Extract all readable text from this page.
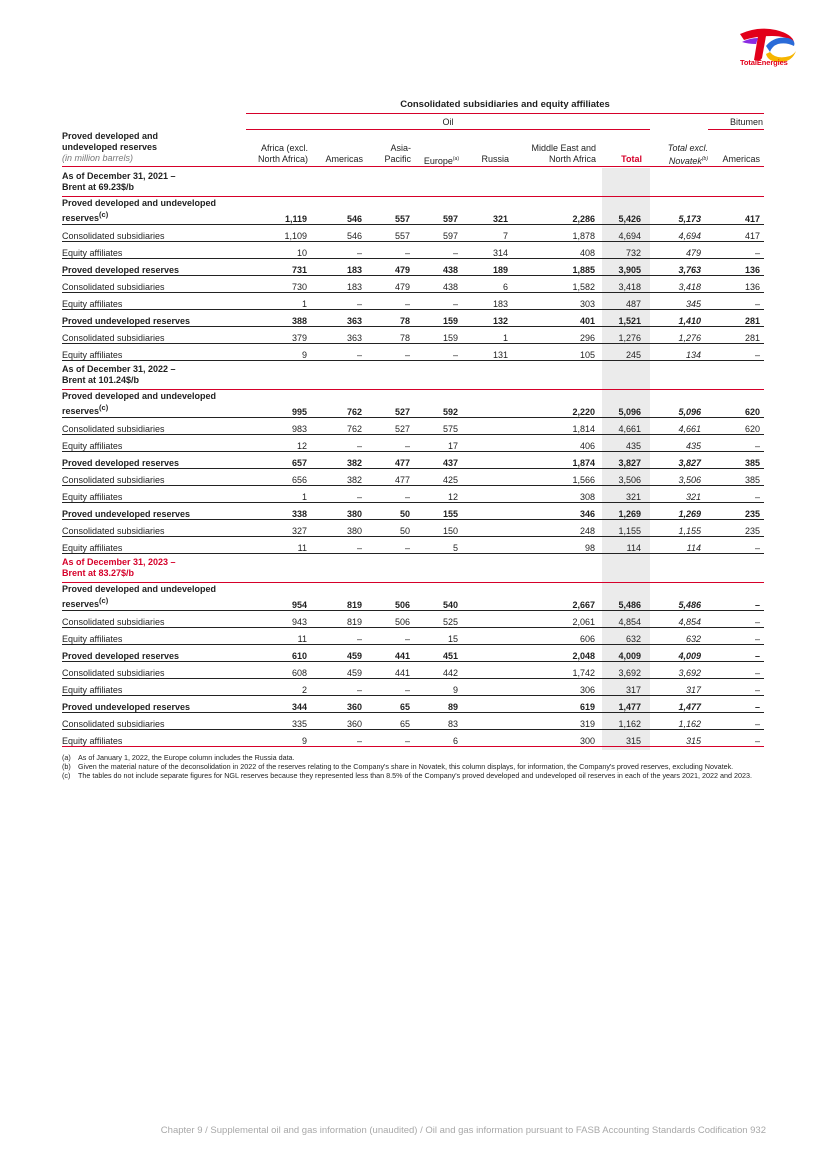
TotalEnergies
Consolidated subsidiaries and equity affiliates
Oil	Bitumen
Proved developed and
undeveloped reserves
(in million barrels)
Africa (excl.
North Africa)	Americas
Asia-
Pacific	Europe$^{(a)}$	Russia
Middle East and
North Africa	Total
Total excl.
Novatek$^{(b)}$	Americas
As of December 31, 2021 –
Brent at 69.23$/b									

Proved developed and undeveloped
reserves$^{(c)}$	1,119	546	557	597	321	2,286	5,426	5,173	417

Consolidated subsidiaries	1,109	546	557	597	7	1,878	4,694	4,694	417

Equity affiliates	10	–	–	–	314	408	732	479	–

Proved developed reserves	731	183	479	438	189	1,885	3,905	3,763	136

Consolidated subsidiaries	730	183	479	438	6	1,582	3,418	3,418	136

Equity affiliates	1	–	–	–	183	303	487	345	–

Proved undeveloped reserves	388	363	78	159	132	401	1,521	1,410	281

Consolidated subsidiaries	379	363	78	159	1	296	1,276	1,276	281

Equity affiliates	9	–	–	–	131	105	245	134	–

As of December 31, 2022 –
Brent at 101.24$/b									

Proved developed and undeveloped
reserves$^{(c)}$	995	762	527	592		2,220	5,096	5,096	620

Consolidated subsidiaries	983	762	527	575		1,814	4,661	4,661	620

Equity affiliates	12	–	–	17		406	435	435	–

Proved developed reserves	657	382	477	437		1,874	3,827	3,827	385

Consolidated subsidiaries	656	382	477	425		1,566	3,506	3,506	385

Equity affiliates	1	–	–	12		308	321	321	–

Proved undeveloped reserves	338	380	50	155		346	1,269	1,269	235

Consolidated subsidiaries	327	380	50	150		248	1,155	1,155	235

Equity affiliates	11	–	–	5		98	114	114	–

As of December 31, 2023 –
Brent at 83.27$/b									

Proved developed and undeveloped
reserves$^{(c)}$	954	819	506	540		2,667	5,486	5,486	–

Consolidated subsidiaries	943	819	506	525		2,061	4,854	4,854	–

Equity affiliates	11	–	–	15		606	632	632	–

Proved developed reserves	610	459	441	451		2,048	4,009	4,009	–

Consolidated subsidiaries	608	459	441	442		1,742	3,692	3,692	–

Equity affiliates	2	–	–	9		306	317	317	–

Proved undeveloped reserves	344	360	65	89		619	1,477	1,477	–

Consolidated subsidiaries	335	360	65	83		319	1,162	1,162	–

Equity affiliates	9	–	–	6		300	315	315	–
(a)	As of January 1, 2022, the Europe column includes the Russia data.
(b)	Given the material nature of the deconsolidation in 2022 of the reserves relating to the Company's share in Novatek, this column displays, for information, the Company's proved reserves, excluding Novatek.
(c)	The tables do not include separate figures for NGL reserves because they represented less than 8.5% of the Company's proved developed and undeveloped oil reserves in each of the years 2021, 2022 and 2023.
Chapter 9 / Supplemental oil and gas information (unaudited) / Oil and gas information pursuant to FASB Accounting Standards Codification 932
